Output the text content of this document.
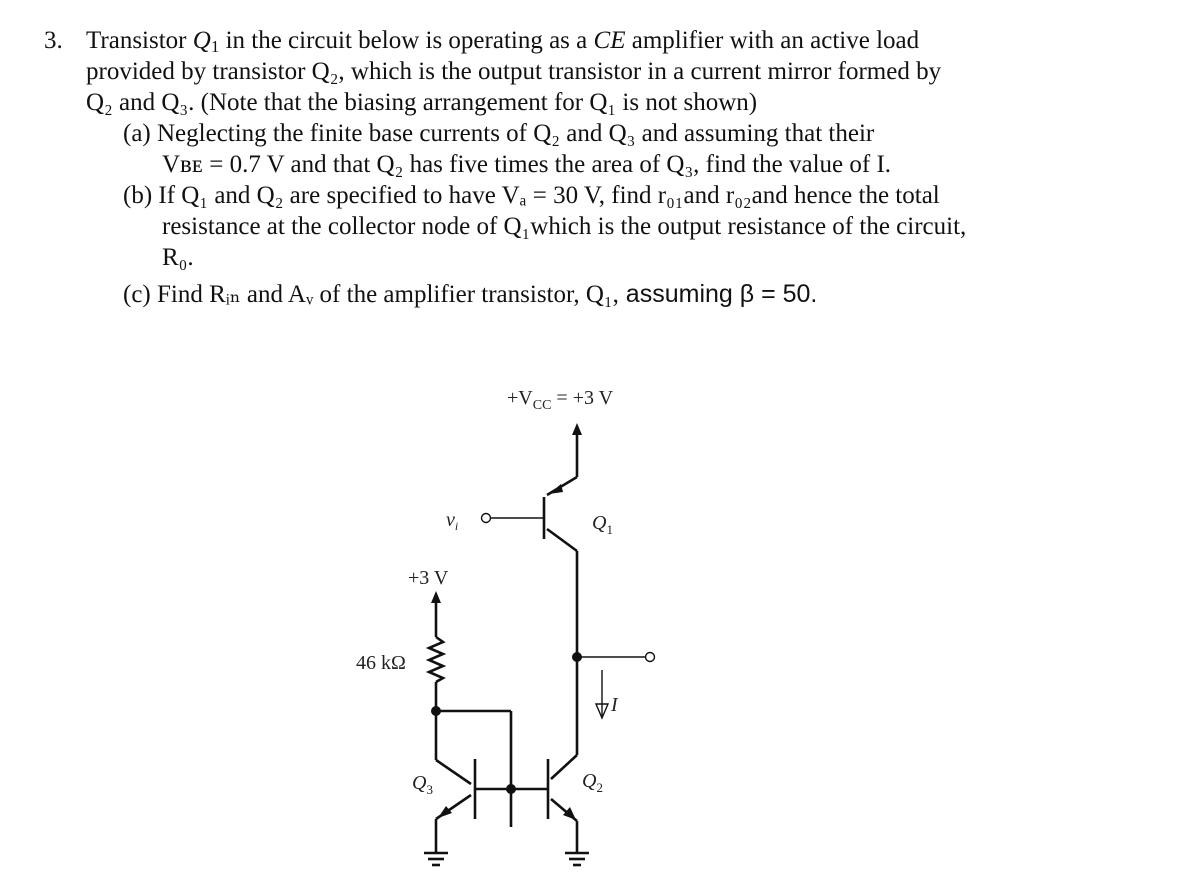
3. Transistor $Q_1$ in the circuit below is operating as a CE amplifier with an active load
provided by transistor Q₂, which is the output transistor in a current mirror formed by
Q₂ and Q₃. (Note that the biasing arrangement for Q₁ is not shown)
(a) Neglecting the finite base currents of Q₂ and Q₃ and assuming that their
Vʙᴇ = 0.7 V and that Q₂ has five times the area of Q₃, find the value of I.
(b) If Q₁ and Q₂ are specified to have Vₐ = 30 V, find r₀₁and r₀₂and hence the total
resistance at the collector node of Q₁which is the output resistance of the circuit,
R₀.
(c) Find Rᵢₙ and Aᵥ of the amplifier transistor, Q₁, assuming β = 50.
$+V_{CC} = +3$ V
$v_i$	$Q_1$
I
+3 V
46 kΩ
$Q_3$	$Q_2$
